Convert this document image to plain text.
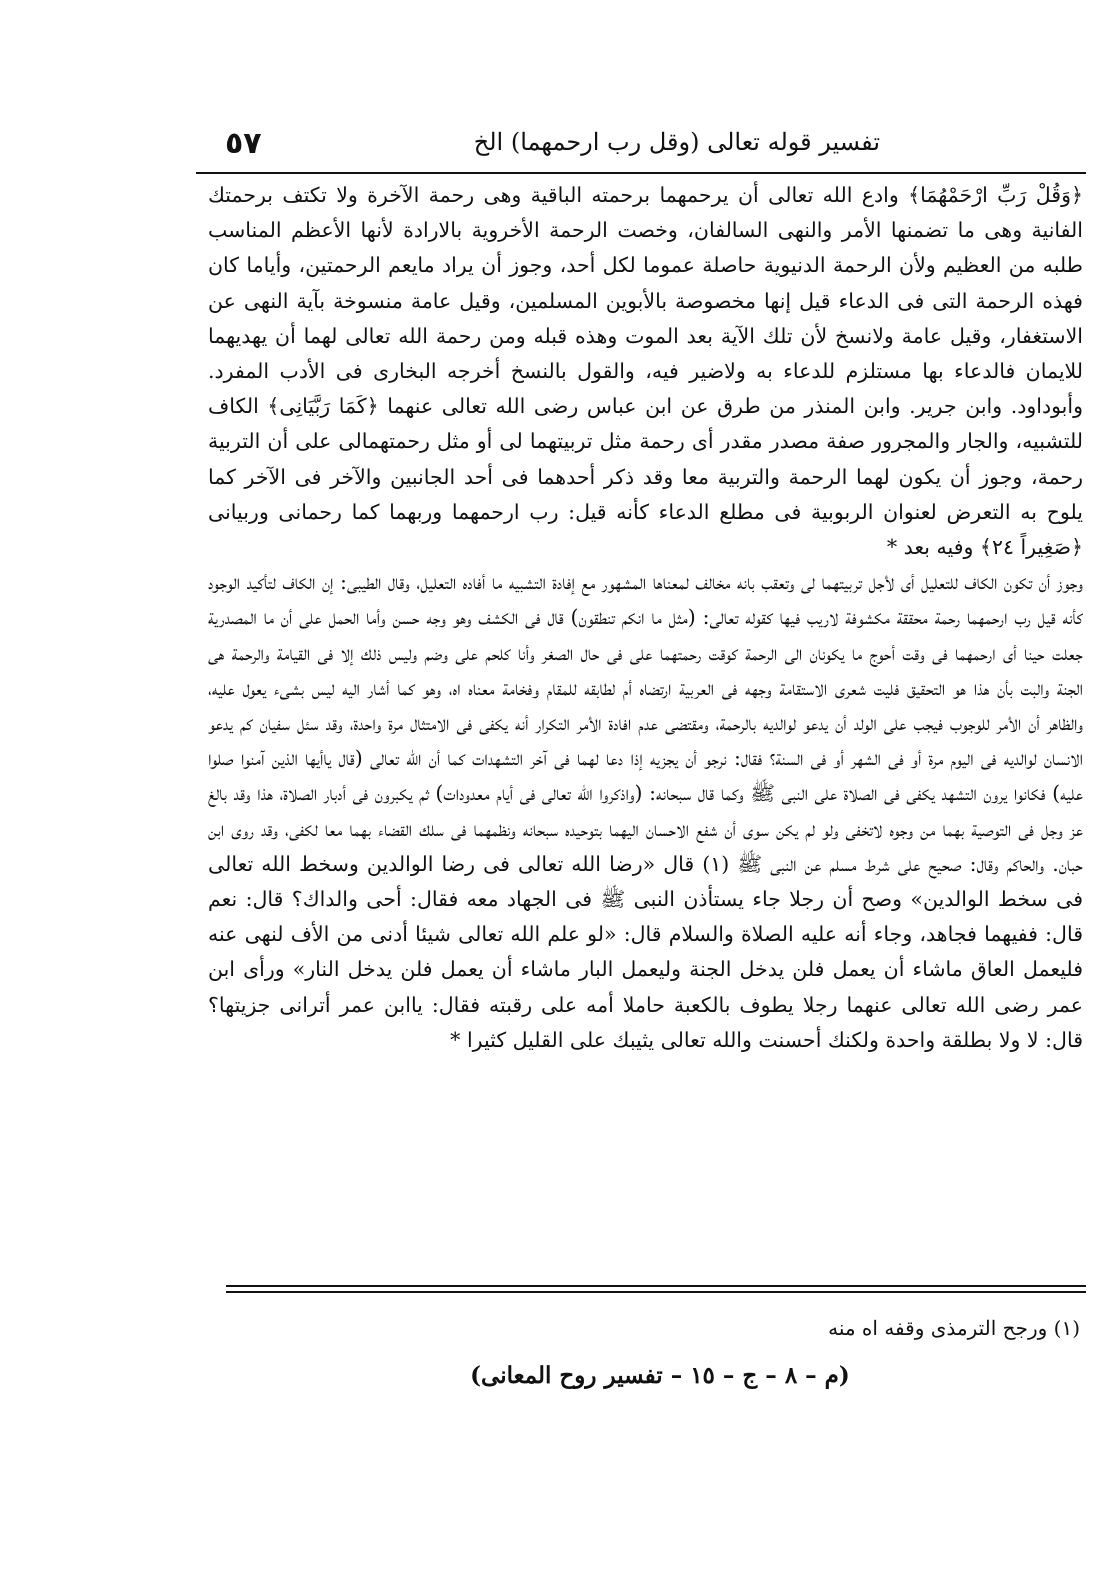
تفسير قوله تعالى (وقل رب ارحمهما) الخ
٥٧

﴿وَقُلْ رَبِّ ارْحَمْهُمَا﴾ وادع الله تعالى أن يرحمهما برحمته الباقية وهى رحمة الآخرة ولا تكتف برحمتك الفانية وهى ما تضمنها الأمر والنهى السالفان، وخصت الرحمة الأخروية بالارادة لأنها الأعظم المناسب طلبه من العظيم ولأن الرحمة الدنيوية حاصلة عموما لكل أحد، وجوز أن يراد مايعم الرحمتين، وأياما كان فهذه الرحمة التى فى الدعاء قيل إنها مخصوصة بالأبوين المسلمين، وقيل عامة منسوخة بآية النهى عن الاستغفار، وقيل عامة ولانسخ لأن تلك الآية بعد الموت وهذه قبله ومن رحمة الله تعالى لهما أن يهديهما للايمان فالدعاء بها مستلزم للدعاء به ولاضير فيه، والقول بالنسخ أخرجه البخارى فى الأدب المفرد. وأبوداود. وابن جرير. وابن المنذر من طرق عن ابن عباس رضى الله تعالى عنهما ﴿كَمَا رَبَّيَانِى﴾ الكاف للتشبيه، والجار والمجرور صفة مصدر مقدر أى رحمة مثل تربيتهما لى أو مثل رحمتهمالى على أن التربية رحمة، وجوز أن يكون لهما الرحمة والتربية معا وقد ذكر أحدهما فى أحد الجانبين والآخر فى الآخر كما يلوح به التعرض لعنوان الربوبية فى مطلع الدعاء كأنه قيل: رب ارحمهما وربهما كما رحمانى وربيانى ﴿صَغِيراً ٢٤﴾ وفيه بعد *

وجوز أن تكون الكاف للتعليل أى لأجل تربيتهما لى وتعقب بانه مخالف لمعناها المشهور مع إفادة التشبيه ما أفاده التعليل، وقال الطيبى: إن الكاف لتأكيد الوجود كأنه قيل رب ارحمهما رحمة محققة مكشوفة لاريب فيها كقوله تعالى: (مثل ما انكم تنطقون) قال فى الكشف وهو وجه حسن وأما الحمل على أن ما المصدرية جعلت حينا أى ارحمهما فى وقت أحوج ما يكونان الى الرحمة كوقت رحمتهما على فى حال الصغر وأنا كلحم على وضم وليس ذلك إلا فى القيامة والرحمة هى الجنة والبت بأن هذا هو التحقيق فليت شعرى الاستقامة وجهه فى العربية ارتضاه أم لطابقه للمقام وفخامة معناه اه، وهو كما أشار اليه ليس بشىء يعول عليه، والظاهر أن الأمر للوجوب فيجب على الولد أن يدعو لوالديه بالرحمة، ومقتضى عدم افادة الأمر التكرار أنه يكفى فى الامتثال مرة واحدة، وقد سئل سفيان كم يدعو الانسان لوالديه فى اليوم مرة أو فى الشهر أو فى السنة؟ فقال: نرجو أن يجزيه إذا دعا لهما فى آخر التشهدات كما أن الله تعالى (قال ياأيها الذين آمنوا صلوا عليه) فكانوا يرون التشهد يكفى فى الصلاة على النبى ﷺ وكما قال سبحانه: (واذكروا الله تعالى فى أيام معدودات) ثم يكبرون فى أدبار الصلاة، هذا وقد بالغ عز وجل فى التوصية بهما من وجوه لاتخفى ولو لم يكن سوى أن شفع الاحسان اليهما بتوحيده سبحانه ونظمهما فى سلك القضاء بهما معا لكفى، وقد روى ابن حبان. والحاكم وقال: صحيح على شرط مسلم عن النبى ﷺ (١) قال «رضا الله تعالى فى رضا الوالدين وسخط الله تعالى فى سخط الوالدين» وصح أن رجلا جاء يستأذن النبى ﷺ فى الجهاد معه فقال: أحى والداك؟ قال: نعم قال: ففيهما فجاهد، وجاء أنه عليه الصلاة والسلام قال: «لو علم الله تعالى شيئا أدنى من الأف لنهى عنه فليعمل العاق ماشاء أن يعمل فلن يدخل الجنة وليعمل البار ماشاء أن يعمل فلن يدخل النار» ورأى ابن عمر رضى الله تعالى عنهما رجلا يطوف بالكعبة حاملا أمه على رقبته فقال: ياابن عمر أترانى جزيتها؟ قال: لا ولا بطلقة واحدة ولكنك أحسنت والله تعالى يثيبك على القليل كثيرا *

(١) ورجح الترمذى وقفه اه منه
(م – ٨ – ج – ١٥ – تفسير روح المعانى)
